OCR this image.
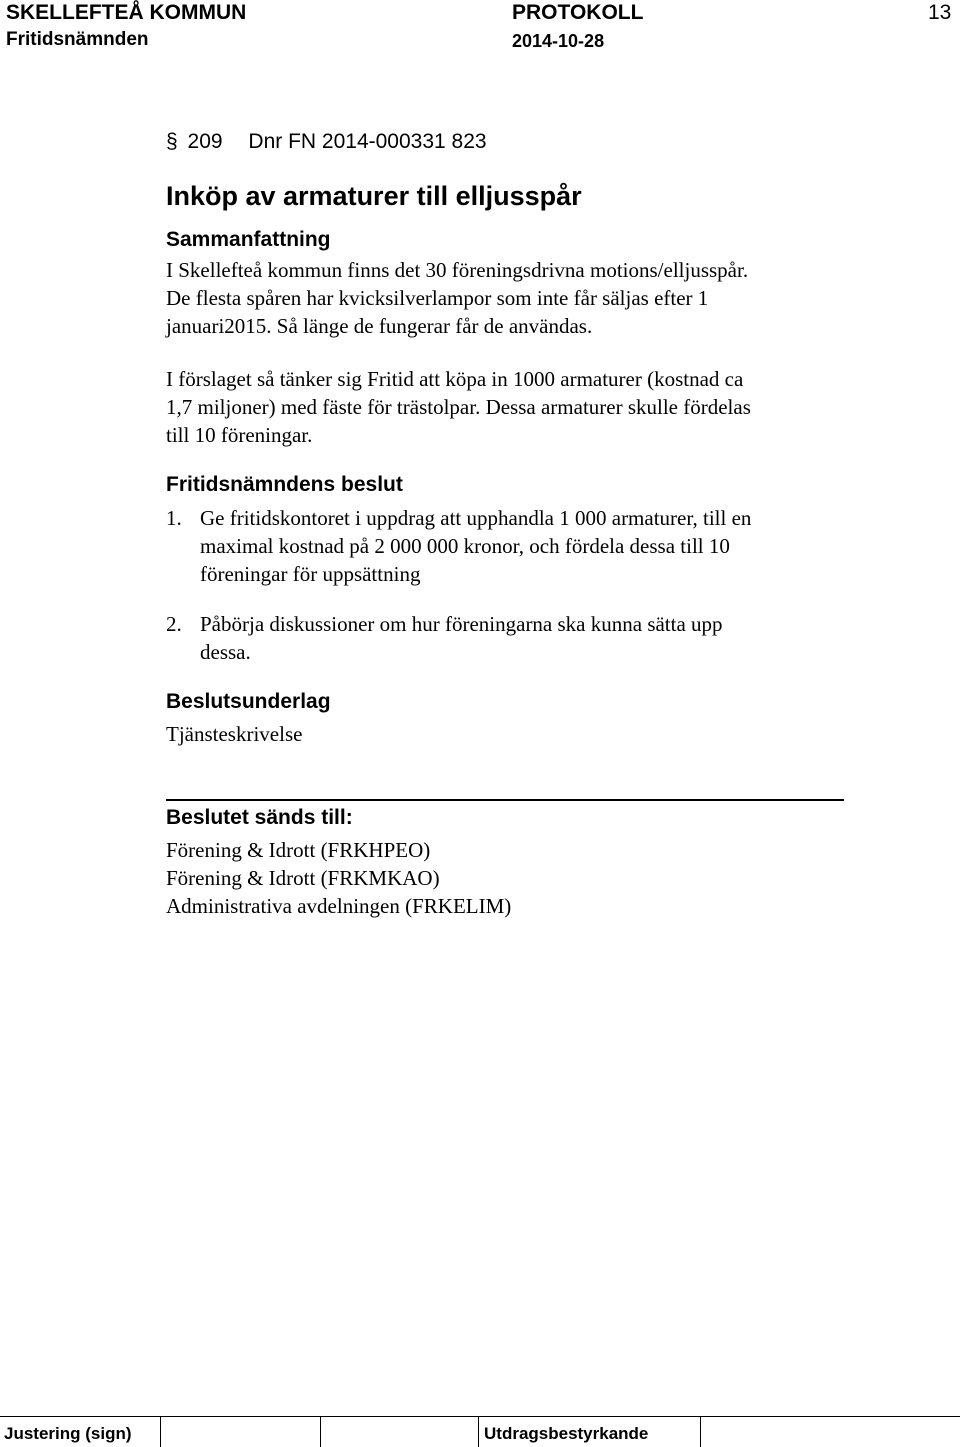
SKELLEFTEÅ KOMMUN	PROTOKOLL	13
Fritidsnämnden	2014-10-28
§ 209 Dnr FN 2014-000331 823
Inköp av armaturer till elljusspår
Sammanfattning

I Skellefteå kommun finns det 30 föreningsdrivna motions/elljusspår.

De flesta spåren har kvicksilverlampor som inte får säljas efter 1

januari2015. Så länge de fungerar får de användas.

I förslaget så tänker sig Fritid att köpa in 1000 armaturer (kostnad ca

1,7 miljoner) med fäste för trästolpar. Dessa armaturer skulle fördelas

till 10 föreningar.

Fritidsnämndens beslut
1. Ge fritidskontoret i uppdrag att upphandla 1 000 armaturer, till en

maximal kostnad på 2 000 000 kronor, och fördela dessa till 10

föreningar för uppsättning

2. Påbörja diskussioner om hur föreningarna ska kunna sätta upp

dessa.

Beslutsunderlag
Tjänsteskrivelse
Beslutet sänds till:

Förening & Idrott (FRKHPEO)

Förening & Idrott (FRKMKAO)

Administrativa avdelningen (FRKELIM)

Justering (sign)	Utdragsbestyrkande
